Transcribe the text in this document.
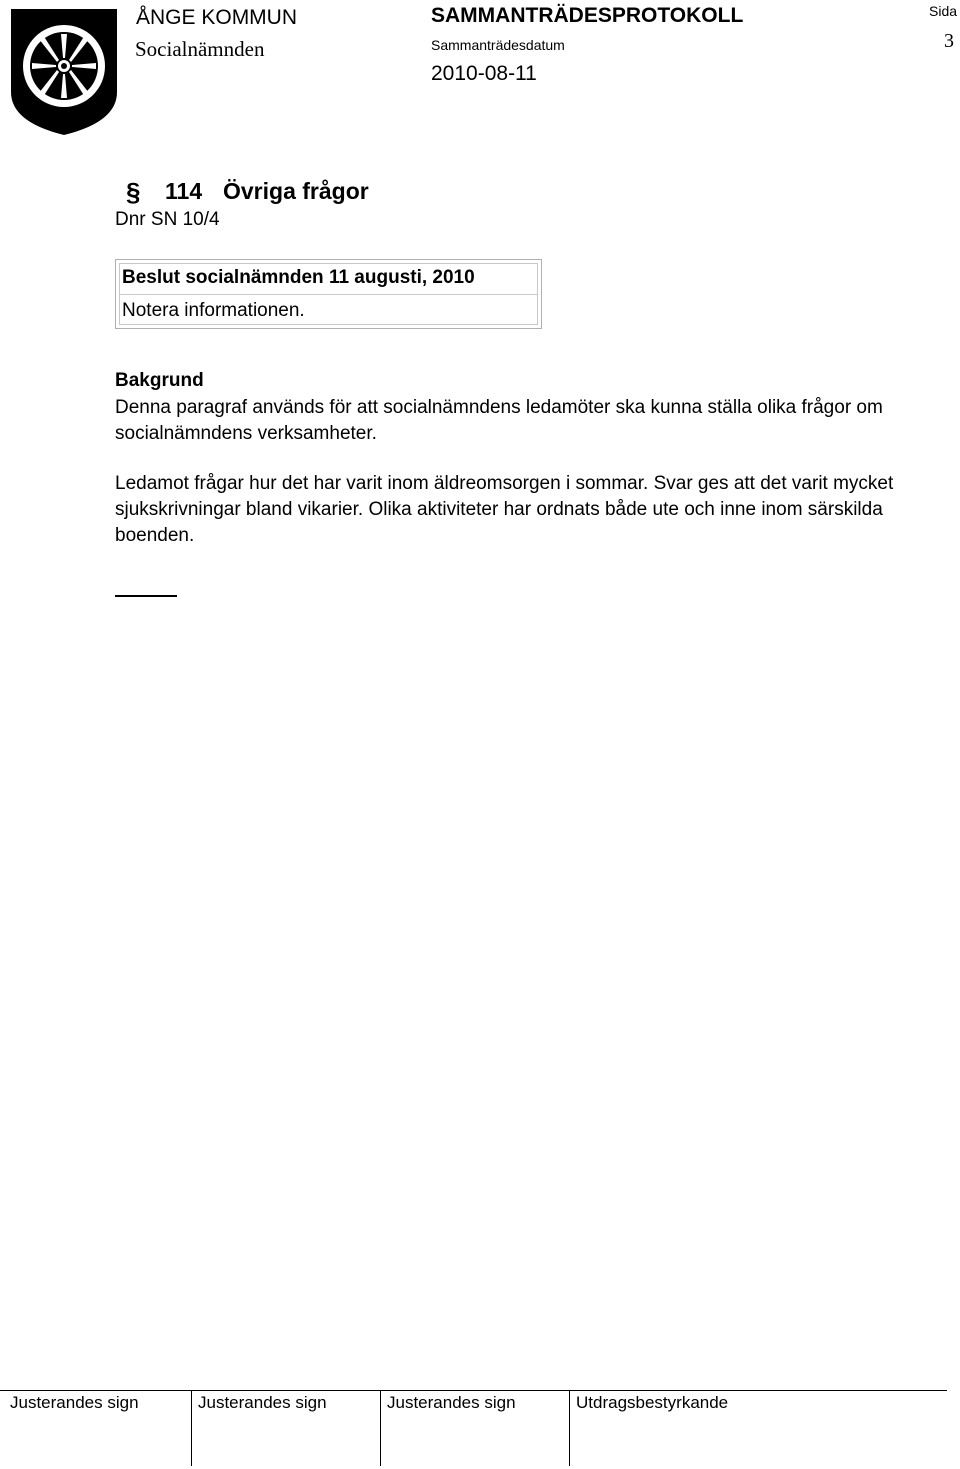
ÅNGE KOMMUN
Socialnämnden
SAMMANTRÄDESPROTOKOLL
Sammanträdesdatum
2010-08-11
Sida
3
§ 114 Övriga frågor
Dnr SN 10/4
Beslut socialnämnden 11 augusti, 2010
Notera informationen.
Bakgrund
Denna paragraf används för att socialnämndens ledamöter ska kunna ställa olika frågor om socialnämndens verksamheter.
Ledamot frågar hur det har varit inom äldreomsorgen i sommar. Svar ges att det varit mycket sjukskrivningar bland vikarier. Olika aktiviteter har ordnats både ute och inne inom särskilda boenden.
Justerandes sign	Justerandes sign	Justerandes sign	Utdragsbestyrkande
